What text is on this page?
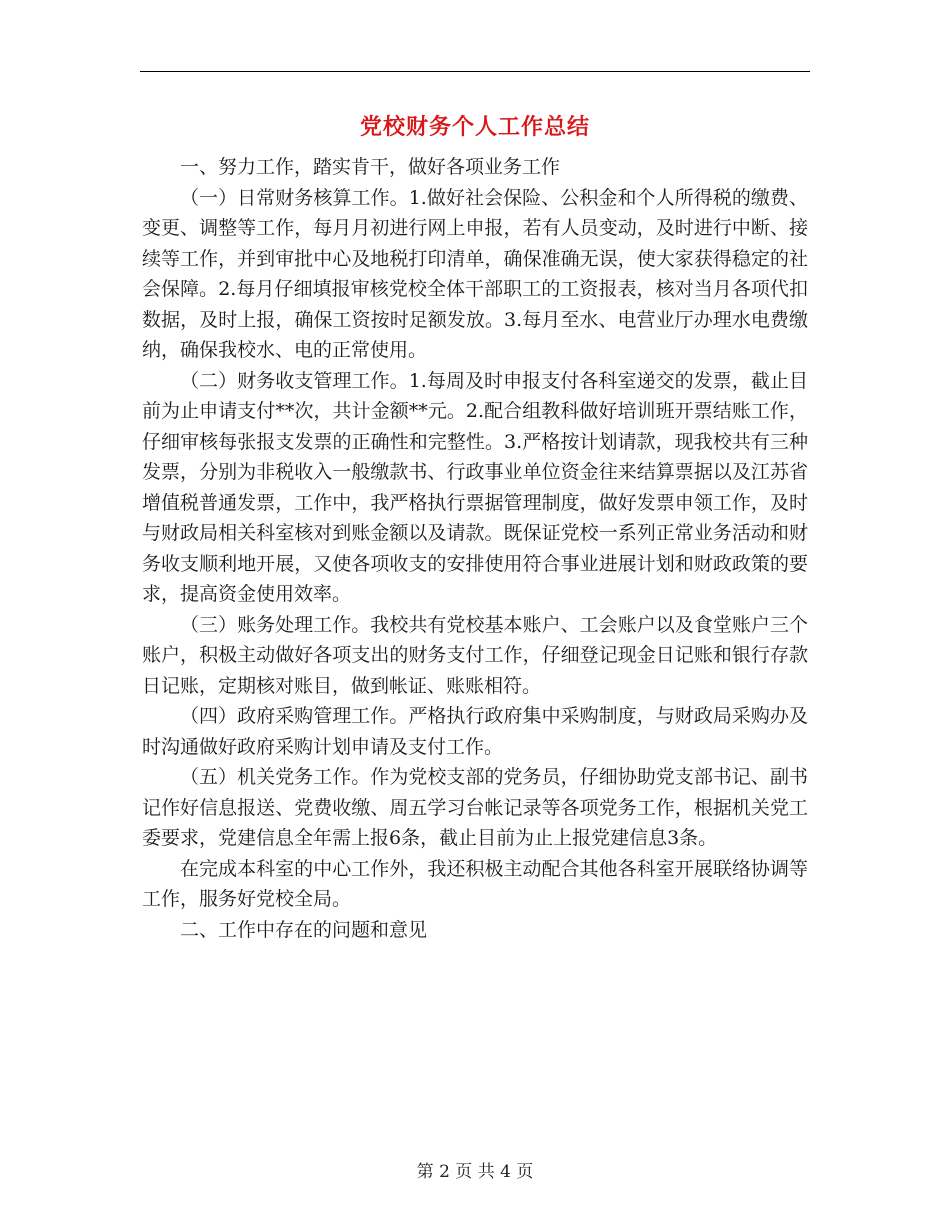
党校财务个人工作总结

一、努力工作，踏实肯干，做好各项业务工作

（一）日常财务核算工作。1.做好社会保险、公积金和个人所得税的缴费、变更、调整等工作，每月月初进行网上申报，若有人员变动，及时进行中断、接续等工作，并到审批中心及地税打印清单，确保准确无误，使大家获得稳定的社会保障。2.每月仔细填报审核党校全体干部职工的工资报表，核对当月各项代扣数据，及时上报，确保工资按时足额发放。3.每月至水、电营业厅办理水电费缴纳，确保我校水、电的正常使用。

（二）财务收支管理工作。1.每周及时申报支付各科室递交的发票，截止目前为止申请支付**次，共计金额**元。2.配合组教科做好培训班开票结账工作，仔细审核每张报支发票的正确性和完整性。3.严格按计划请款，现我校共有三种发票，分别为非税收入一般缴款书、行政事业单位资金往来结算票据以及江苏省增值税普通发票，工作中，我严格执行票据管理制度，做好发票申领工作，及时与财政局相关科室核对到账金额以及请款。既保证党校一系列正常业务活动和财务收支顺利地开展，又使各项收支的安排使用符合事业进展计划和财政政策的要求，提高资金使用效率。

（三）账务处理工作。我校共有党校基本账户、工会账户以及食堂账户三个账户，积极主动做好各项支出的财务支付工作，仔细登记现金日记账和银行存款日记账，定期核对账目，做到帐证、账账相符。

（四）政府采购管理工作。严格执行政府集中采购制度，与财政局采购办及时沟通做好政府采购计划申请及支付工作。

（五）机关党务工作。作为党校支部的党务员，仔细协助党支部书记、副书记作好信息报送、党费收缴、周五学习台帐记录等各项党务工作，根据机关党工委要求，党建信息全年需上报6条，截止目前为止上报党建信息3条。

在完成本科室的中心工作外，我还积极主动配合其他各科室开展联络协调等工作，服务好党校全局。

二、工作中存在的问题和意见

第 2 页 共 4 页
